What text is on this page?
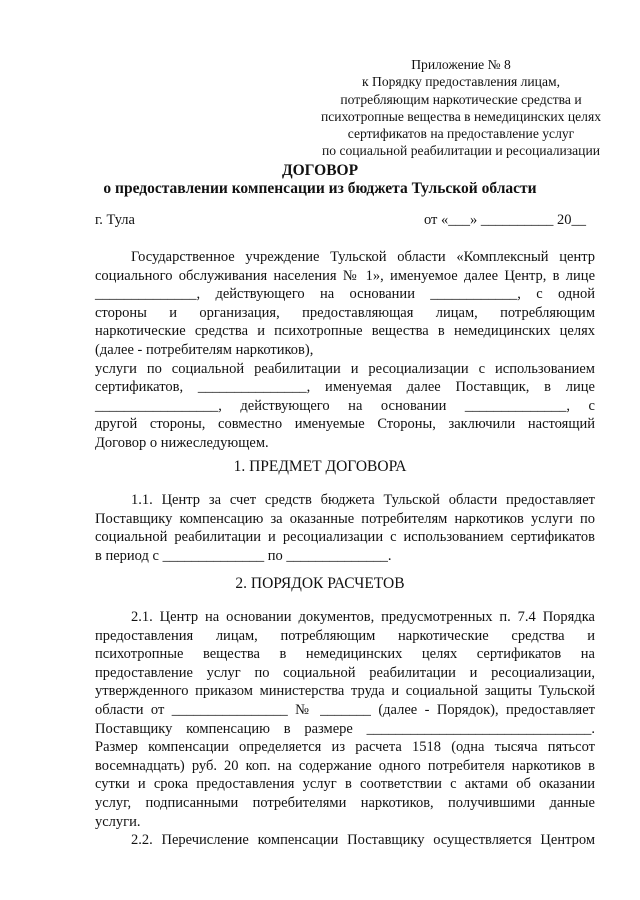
Приложение № 8
к Порядку предоставления лицам,
потребляющим наркотические средства и
психотропные вещества в немедицинских целях
сертификатов на предоставление услуг
по социальной реабилитации и ресоциализации
ДОГОВОР
о предоставлении компенсации из бюджета Тульской области
г. Тула	от «___» __________ 20__
Государственное учреждение Тульской области «Комплексный центр
социального обслуживания населения № 1», именуемое далее Центр, в лице
______________, действующего на основании ____________, с одной
стороны и организация, предоставляющая лицам, потребляющим
наркотические средства и психотропные вещества в немедицинских целях
(далее - потребителям наркотиков),
услуги по социальной реабилитации и ресоциализации с использованием
сертификатов, _______________, именуемая далее Поставщик, в лице
_________________, действующего на основании ______________, с
другой стороны, совместно именуемые Стороны, заключили настоящий
Договор о нижеследующем.
1. ПРЕДМЕТ ДОГОВОРА
1.1. Центр за счет средств бюджета Тульской области предоставляет
Поставщику компенсацию за оказанные потребителям наркотиков услуги по
социальной реабилитации и ресоциализации с использованием сертификатов
в период с ______________ по ______________.
2. ПОРЯДОК РАСЧЕТОВ
2.1. Центр на основании документов, предусмотренных п. 7.4 Порядка
предоставления лицам, потребляющим наркотические средства и
психотропные вещества в немедицинских целях сертификатов на
предоставление услуг по социальной реабилитации и ресоциализации,
утвержденного приказом министерства труда и социальной защиты Тульской
области от ________________ № _______ (далее - Порядок), предоставляет
Поставщику компенсацию в размере _______________________________.
Размер компенсации определяется из расчета 1518 (одна тысяча пятьсот
восемнадцать) руб. 20 коп. на содержание одного потребителя наркотиков в
сутки и срока предоставления услуг в соответствии с актами об оказании
услуг, подписанными потребителями наркотиков, получившими данные
услуги.
2.2. Перечисление компенсации Поставщику осуществляется Центром
